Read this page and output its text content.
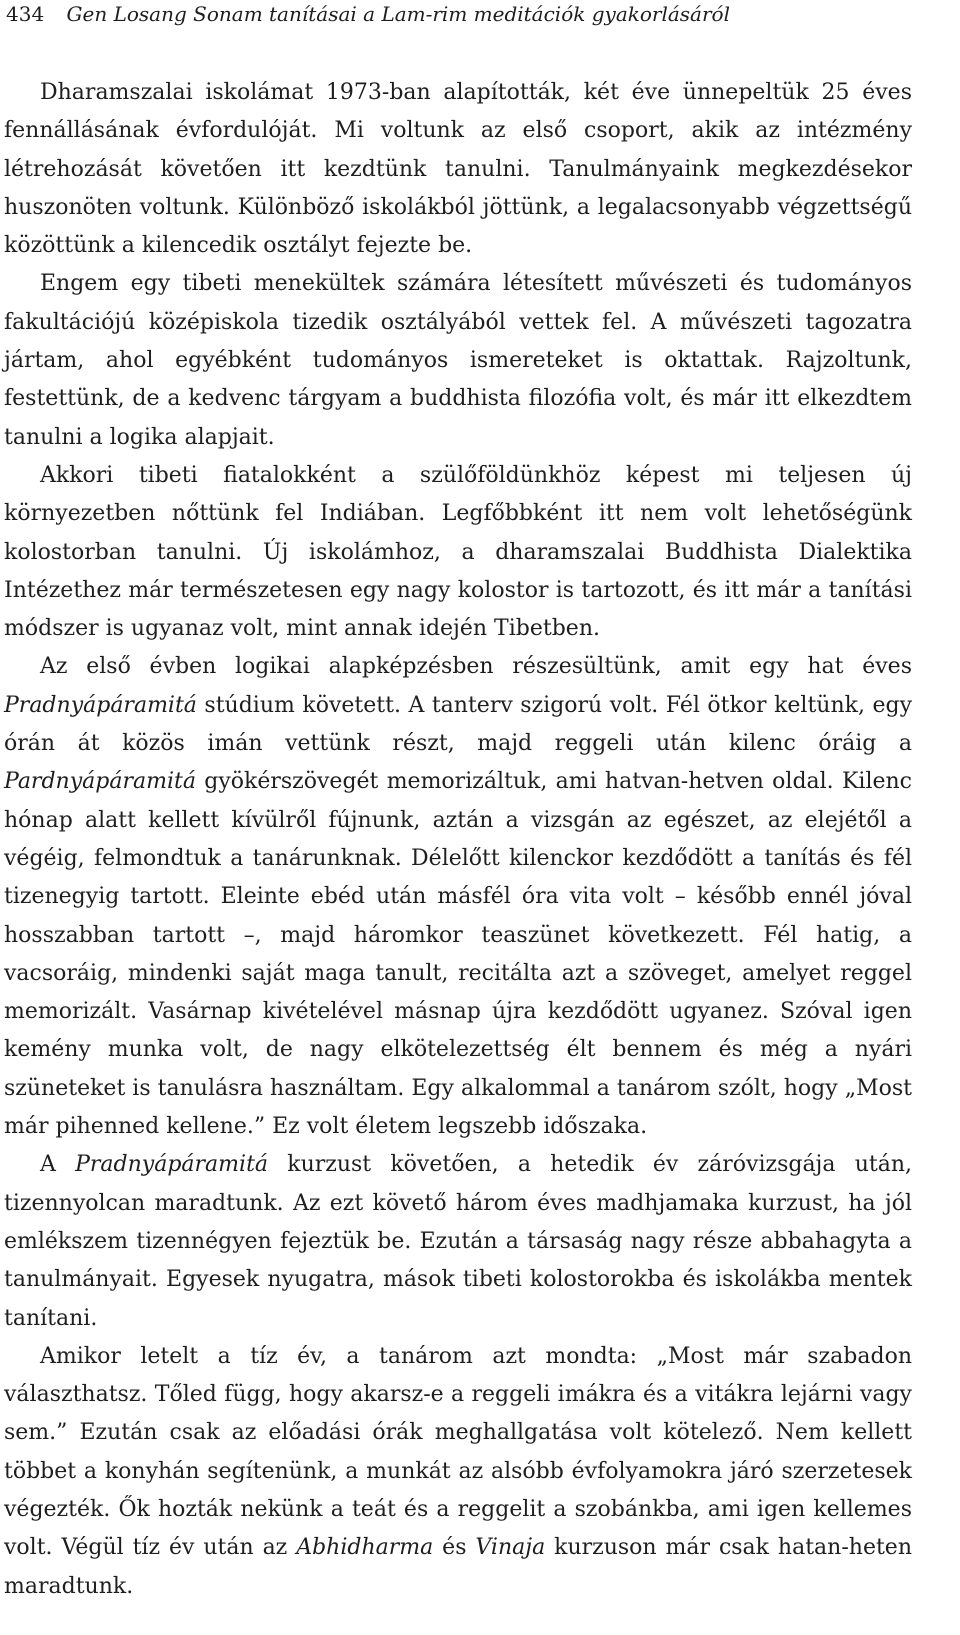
434 Gen Losang Sonam tanításai a Lam-rim meditációk gyakorlásáról

Dharamszalai iskolámat 1973-ban alapították, két éve ünnepeltük 25 éves fennállásának évfordulóját. Mi voltunk az első csoport, akik az intézmény létrehozását követően itt kezdtünk tanulni. Tanulmányaink megkezdésekor huszonöten voltunk. Különböző iskolákból jöttünk, a legalacsonyabb végzettségű közöttünk a kilencedik osztályt fejezte be.

Engem egy tibeti menekültek számára létesített művészeti és tudományos fakultációjú középiskola tizedik osztályából vettek fel. A művészeti tagozatra jártam, ahol egyébként tudományos ismereteket is oktattak. Rajzoltunk, festettünk, de a kedvenc tárgyam a buddhista filozófia volt, és már itt elkezdtem tanulni a logika alapjait.

Akkori tibeti fiatalokként a szülőföldünkhöz képest mi teljesen új környezetben nőttünk fel Indiában. Legfőbbként itt nem volt lehetőségünk kolostorban tanulni. Új iskolámhoz, a dharamszalai Buddhista Dialektika Intézethez már természetesen egy nagy kolostor is tartozott, és itt már a tanítási módszer is ugyanaz volt, mint annak idején Tibetben.

Az első évben logikai alapképzésben részesültünk, amit egy hat éves Pradnyápáramitá stúdium követett. A tanterv szigorú volt. Fél ötkor keltünk, egy órán át közös imán vettünk részt, majd reggeli után kilenc óráig a Pardnyápáramitá gyökérszövegét memorizáltuk, ami hatvan-hetven oldal. Kilenc hónap alatt kellett kívülről fújnunk, aztán a vizsgán az egészet, az elejétől a végéig, felmondtuk a tanárunknak. Délelőtt kilenckor kezdődött a tanítás és fél tizenegyig tartott. Eleinte ebéd után másfél óra vita volt – később ennél jóval hosszabban tartott –, majd háromkor teaszünet következett. Fél hatig, a vacsoráig, mindenki saját maga tanult, recitálta azt a szöveget, amelyet reggel memorizált. Vasárnap kivételével másnap újra kezdődött ugyanez. Szóval igen kemény munka volt, de nagy elkötelezettség élt bennem és még a nyári szüneteket is tanulásra használtam. Egy alkalommal a tanárom szólt, hogy „Most már pihenned kellene.” Ez volt életem legszebb időszaka.

A Pradnyápáramitá kurzust követően, a hetedik év záróvizsgája után, tizennyolcan maradtunk. Az ezt követő három éves madhjamaka kurzust, ha jól emlékszem tizennégyen fejeztük be. Ezután a társaság nagy része abbahagyta a tanulmányait. Egyesek nyugatra, mások tibeti kolostorokba és iskolákba mentek tanítani.

Amikor letelt a tíz év, a tanárom azt mondta: „Most már szabadon választhatsz. Tőled függ, hogy akarsz-e a reggeli imákra és a vitákra lejárni vagy sem.” Ezután csak az előadási órák meghallgatása volt kötelező. Nem kellett többet a konyhán segítenünk, a munkát az alsóbb évfolyamokra járó szerzetesek végezték. Ők hozták nekünk a teát és a reggelit a szobánkba, ami igen kellemes volt. Végül tíz év után az Abhidharma és Vinaja kurzuson már csak hatan-heten maradtunk.
